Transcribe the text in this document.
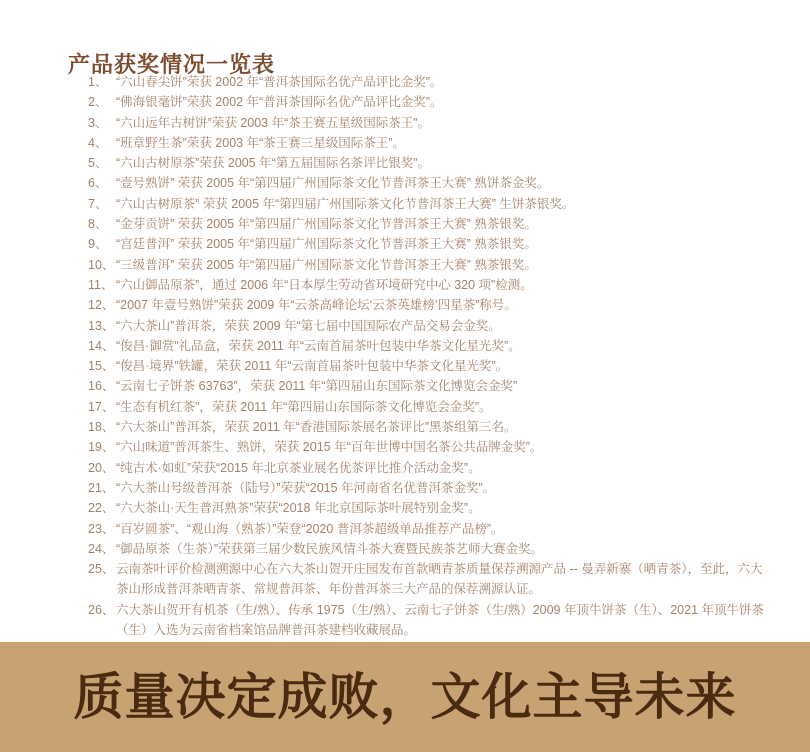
产品获奖情况一览表
1、 “六山春尖饼”荣获 2002 年“普洱茶国际名优产品评比金奖”。
2、 “佛海银毫饼”荣获 2002 年“普洱茶国际名优产品评比金奖”。
3、 “六山远年古树饼”荣获 2003 年“茶王赛五星级国际茶王”。
4、 “班章野生茶”荣获 2003 年“茶王赛三星级国际茶王”。
5、 “六山古树原茶”荣获 2005 年“第五届国际名茶评比银奖”。
6、 “壹号熟饼” 荣获 2005 年“第四届广州国际茶文化节普洱茶王大赛” 熟饼茶金奖。
7、 “六山古树原茶” 荣获 2005 年“第四届广州国际茶文化节普洱茶王大赛” 生饼茶银奖。
8、 “金芽贡饼” 荣获 2005 年“第四届广州国际茶文化节普洱茶王大赛” 熟茶银奖。
9、 “宫廷普洱” 荣获 2005 年“第四届广州国际茶文化节普洱茶王大赛” 熟茶银奖。
10、 “三级普洱” 荣获 2005 年“第四届广州国际茶文化节普洱茶王大赛” 熟茶银奖。
11、 “六山御品原茶”，通过 2006 年“日本厚生劳动省环境研究中心 320 项”检测。
12、 “2007 年壹号熟饼”荣获 2009 年“云茶高峰论坛‘云茶英雄榜’四星茶”称号。
13、 “六大茶山”普洱茶，荣获 2009 年“第七届中国国际农产品交易会金奖。
14、 “俊昌·御赏”礼品盒，荣获 2011 年“云南首届茶叶包装中华茶文化星光奖”。
15、 “俊昌·境界”铁罐，荣获 2011 年“云南首届茶叶包装中华茶文化星光奖”。
16、 “云南七子饼茶 63763”，荣获 2011 年“第四届山东国际茶文化博览会金奖”
17、 “生态有机红茶”，荣获 2011 年“第四届山东国际茶文化博览会金奖”。
18、 “六大茶山”普洱茶，荣获 2011 年“香港国际茶展名茶评比”黑茶组第三名。
19、 “六山味道”普洱茶生、熟饼，荣获 2015 年“百年世博中国名茶公共品牌金奖”。
20、 “纯古术·如虹”荣获“2015 年北京茶业展名优茶评比推介活动金奖”。
21、 “六大茶山号级普洱茶（陆号）”荣获“2015 年河南省名优普洱茶金奖”。
22、 “六大茶山·天生普洱熟茶”荣获“2018 年北京国际茶叶展特别金奖”。
23、 “百岁圆茶”、“观山海（熟茶）”荣登“2020 普洱茶超级单品推荐产品榜”。
24、 “御品原茶（生茶）”荣获第三届少数民族风情斗茶大赛暨民族茶艺师大赛金奖。
25、 云南茶叶评价检测溯源中心在六大茶山贺开庄园发布首款晒青茶质量保荐溯源产品 -- 曼弄新寨（晒青茶），至此，六大茶山形成普洱茶晒青茶、常规普洱茶、年份普洱茶三大产品的保荐溯源认证。
26、 六大茶山贺开有机茶（生/熟）、传承 1975（生/熟）、云南七子饼茶（生/熟）2009 年顶牛饼茶（生）、2021 年顶牛饼茶（生）入选为云南省档案馆品牌普洱茶建档收藏展品。
质量决定成败，文化主导未来
